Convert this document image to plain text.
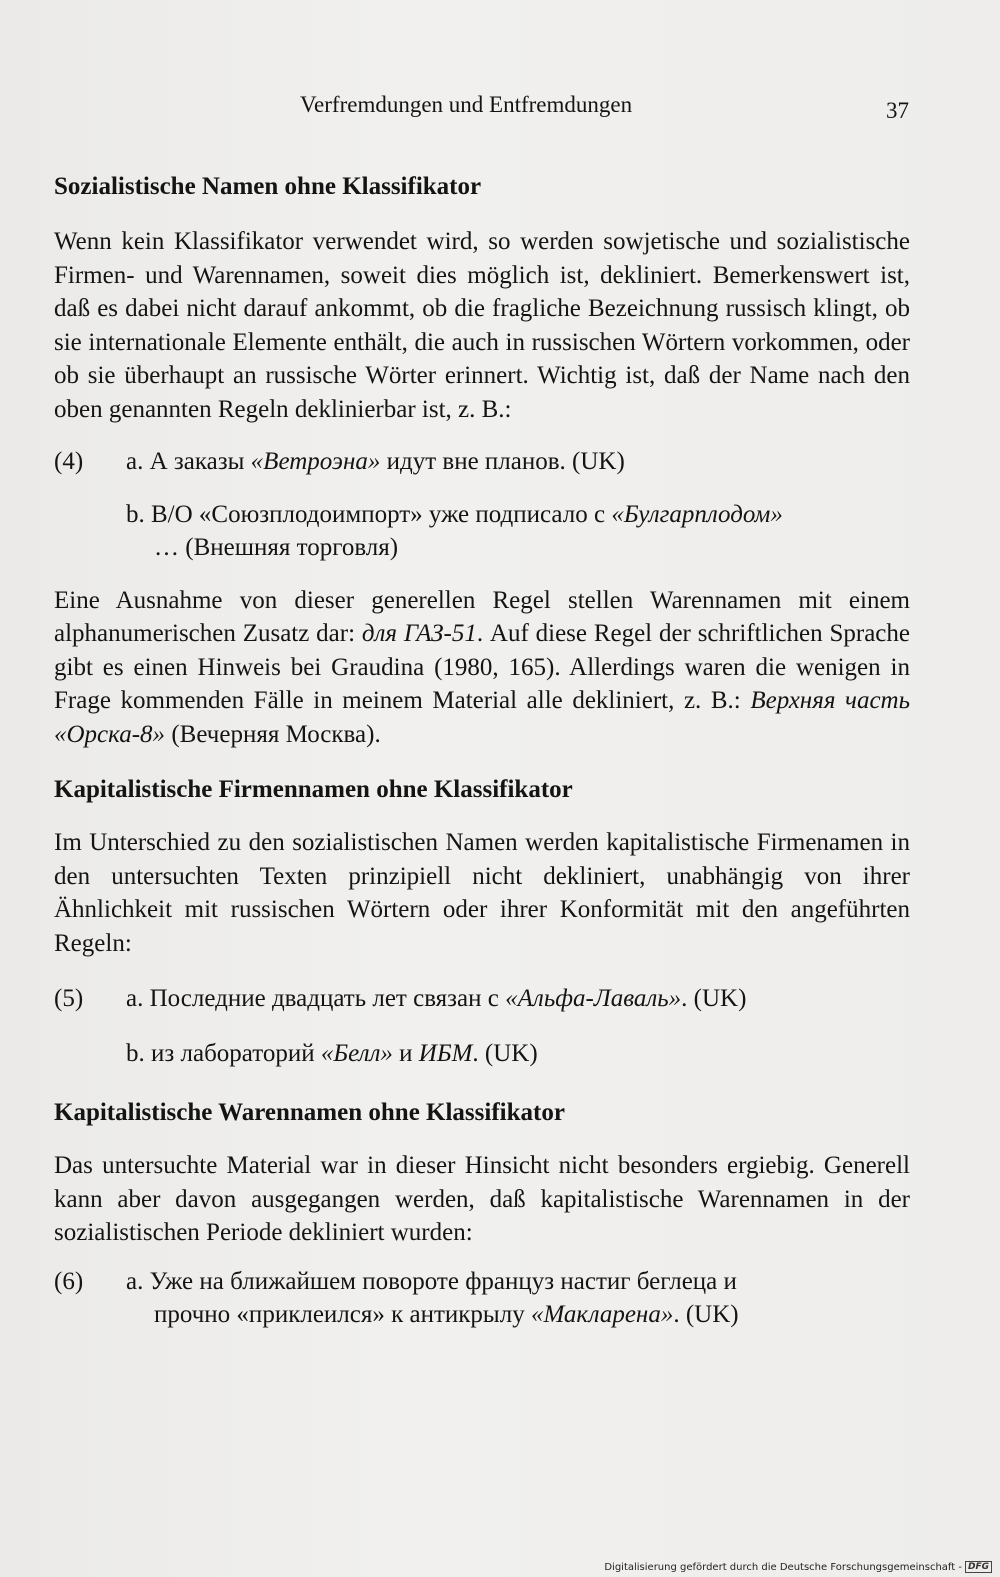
Verfremdungen und Entfremdungen	37
Sozialistische Namen ohne Klassifikator

Wenn kein Klassifikator verwendet wird, so werden sowjetische und sozialistische Firmen- und Warennamen, soweit dies möglich ist, dekliniert. Bemerkenswert ist, daß es dabei nicht darauf ankommt, ob die fragliche Bezeichnung russisch klingt, ob sie internationale Elemente enthält, die auch in russischen Wörtern vorkommen, oder ob sie überhaupt an russische Wörter erinnert. Wichtig ist, daß der Name nach den oben genannten Regeln deklinierbar ist, z. B.:

(4) a. А заказы «Ветроэна» идут вне планов. (UK)
b. В/О «Союзплодоимпорт» уже подписало с «Булгарплодом»
… (Внешняя торговля)

Eine Ausnahme von dieser generellen Regel stellen Warennamen mit einem alphanumerischen Zusatz dar: для ГАЗ-51. Auf diese Regel der schriftlichen Sprache gibt es einen Hinweis bei Graudina (1980, 165). Allerdings waren die wenigen in Frage kommenden Fälle in meinem Material alle dekliniert, z. B.: Верхняя часть «Орска-8» (Вечерняя Москва).

Kapitalistische Firmennamen ohne Klassifikator

Im Unterschied zu den sozialistischen Namen werden kapitalistische Firmenamen in den untersuchten Texten prinzipiell nicht dekliniert, unabhängig von ihrer Ähnlichkeit mit russischen Wörtern oder ihrer Konformität mit den angeführten Regeln:

(5) a. Последние двадцать лет связан с «Альфа-Лаваль». (UK)
b. из лабораторий «Белл» и ИБМ. (UK)
Kapitalistische Warennamen ohne Klassifikator

Das untersuchte Material war in dieser Hinsicht nicht besonders ergiebig. Generell kann aber davon ausgegangen werden, daß kapitalistische Warennamen in der sozialistischen Periode dekliniert wurden:

(6) a. Уже на ближайшем повороте француз настиг беглеца и
прочно «приклеился» к антикрылу «Макларена». (UK)
Digitalisierung gefördert durch die Deutsche Forschungsgemeinschaft - DFG
